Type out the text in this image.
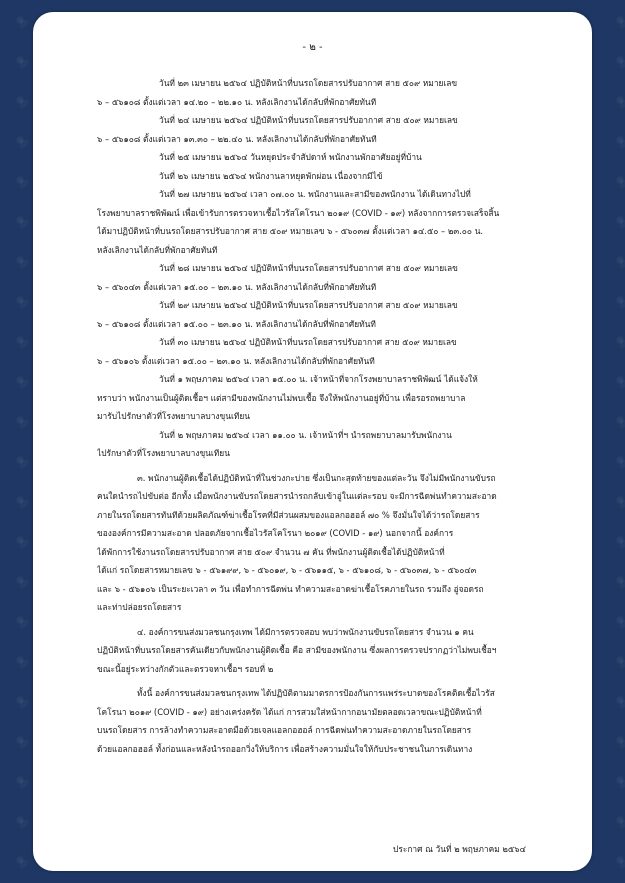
- ๒ -

วันที่ ๒๓ เมษายน ๒๕๖๔ ปฏิบัติหน้าที่บนรถโดยสารปรับอากาศ สาย ๕๐๙ หมายเลข

๖ – ๕๖๑๐๘ ตั้งแต่เวลา ๑๔.๒๐ – ๒๒.๑๐ น. หลังเลิกงานได้กลับที่พักอาศัยทันที

วันที่ ๒๔ เมษายน ๒๕๖๔ ปฏิบัติหน้าที่บนรถโดยสารปรับอากาศ สาย ๕๐๙ หมายเลข

๖ – ๕๖๑๐๘ ตั้งแต่เวลา ๑๓.๓๐ – ๒๒.๔๐ น. หลังเลิกงานได้กลับที่พักอาศัยทันที

วันที่ ๒๕ เมษายน ๒๕๖๔ วันหยุดประจำสัปดาห์ พนักงานพักอาศัยอยู่ที่บ้าน

วันที่ ๒๖ เมษายน ๒๕๖๔ พนักงานลาหยุดพักผ่อน เนื่องจากมีไข้

วันที่ ๒๗ เมษายน ๒๕๖๔ เวลา ๐๗.๐๐ น. พนักงานและสามีของพนักงาน ได้เดินทางไปที่

โรงพยาบาลราชพิพัฒน์ เพื่อเข้ารับการตรวจหาเชื้อไวรัสโคโรนา ๒๐๑๙ (COVID - ๑๙) หลังจากการตรวจเสร็จสิ้น

ได้มาปฏิบัติหน้าที่บนรถโดยสารปรับอากาศ สาย ๕๐๙ หมายเลข ๖ - ๕๖๐๓๗ ตั้งแต่เวลา ๑๔.๕๐ – ๒๓.๐๐ น.

หลังเลิกงานได้กลับที่พักอาศัยทันที

วันที่ ๒๘ เมษายน ๒๕๖๔ ปฏิบัติหน้าที่บนรถโดยสารปรับอากาศ สาย ๕๐๙ หมายเลข

๖ – ๕๖๐๔๓ ตั้งแต่เวลา ๑๕.๐๐ – ๒๓.๑๐ น. หลังเลิกงานได้กลับที่พักอาศัยทันที

วันที่ ๒๙ เมษายน ๒๕๖๔ ปฏิบัติหน้าที่บนรถโดยสารปรับอากาศ สาย ๕๐๙ หมายเลข

๖ – ๕๖๑๐๘ ตั้งแต่เวลา ๑๕.๐๐ – ๒๓.๑๐ น. หลังเลิกงานได้กลับที่พักอาศัยทันที

วันที่ ๓๐ เมษายน ๒๕๖๔ ปฏิบัติหน้าที่บนรถโดยสารปรับอากาศ สาย ๕๐๙ หมายเลข

๖ – ๕๖๑๐๖ ตั้งแต่เวลา ๑๕.๐๐ – ๒๓.๑๐ น. หลังเลิกงานได้กลับที่พักอาศัยทันที

วันที่ ๑ พฤษภาคม ๒๕๖๔ เวลา ๑๕.๐๐ น. เจ้าหน้าที่จากโรงพยาบาลราชพิพัฒน์ ได้แจ้งให้

ทราบว่า พนักงานเป็นผู้ติดเชื้อฯ แต่สามีของพนักงานไม่พบเชื้อ จึงให้พนักงานอยู่ที่บ้าน เพื่อรอรถพยาบาล

มารับไปรักษาตัวที่โรงพยาบาลบางขุนเทียน

วันที่ ๒ พฤษภาคม ๒๕๖๔ เวลา ๑๑.๐๐ น. เจ้าหน้าที่ฯ นำรถพยาบาลมารับพนักงาน

ไปรักษาตัวที่โรงพยาบาลบางขุนเทียน

๓. พนักงานผู้ติดเชื้อได้ปฏิบัติหน้าที่ในช่วงกะบ่าย ซึ่งเป็นกะสุดท้ายของแต่ละวัน จึงไม่มีพนักงานขับรถ

คนใดนำรถไปขับต่อ อีกทั้ง เมื่อพนักงานขับรถโดยสารนำรถกลับเข้าอู่ในแต่ละรอบ จะมีการฉีดพ่นทำความสะอาด

ภายในรถโดยสารทันทีด้วยผลิตภัณฑ์ฆ่าเชื้อโรคที่มีส่วนผสมของแอลกอฮอล์ ๗๐ % จึงมั่นใจได้ว่ารถโดยสาร

ขององค์การมีความสะอาด ปลอดภัยจากเชื้อไวรัสโคโรนา ๒๐๑๙ (COVID - ๑๙) นอกจากนี้ องค์การ

ได้พักการใช้งานรถโดยสารปรับอากาศ สาย ๕๐๙ จำนวน ๗ คัน ที่พนักงานผู้ติดเชื้อได้ปฏิบัติหน้าที่

ได้แก่ รถโดยสารหมายเลข ๖ - ๕๖๑๙๙, ๖ - ๕๖๐๑๙, ๖ - ๕๖๑๑๕, ๖ - ๕๖๑๐๘, ๖ - ๕๖๐๓๗, ๖ - ๕๖๐๔๓

และ ๖ - ๕๖๑๐๖ เป็นระยะเวลา ๓ วัน เพื่อทำการฉีดพ่น ทำความสะอาดฆ่าเชื้อโรคภายในรถ รวมถึง อู่จอดรถ

และท่าปล่อยรถโดยสาร

๔. องค์การขนส่งมวลชนกรุงเทพ ได้มีการตรวจสอบ พบว่าพนักงานขับรถโดยสาร จำนวน ๑ คน

ปฏิบัติหน้าที่บนรถโดยสารคันเดียวกับพนักงานผู้ติดเชื้อ คือ สามีของพนักงาน ซึ่งผลการตรวจปรากฏว่าไม่พบเชื้อฯ

ขณะนี้อยู่ระหว่างกักตัวและตรวจหาเชื้อฯ รอบที่ ๒

ทั้งนี้ องค์การขนส่งมวลชนกรุงเทพ ได้ปฏิบัติตามมาตรการป้องกันการแพร่ระบาดของโรคติดเชื้อไวรัส

โคโรนา ๒๐๑๙ (COVID - ๑๙) อย่างเคร่งครัด ได้แก่ การสวมใส่หน้ากากอนามัยตลอดเวลาขณะปฏิบัติหน้าที่

บนรถโดยสาร การล้างทำความสะอาดมือด้วยเจลแอลกอฮอล์ การฉีดพ่นทำความสะอาดภายในรถโดยสาร

ด้วยแอลกอฮอล์ ทั้งก่อนและหลังนำรถออกวิ่งให้บริการ เพื่อสร้างความมั่นใจให้กับประชาชนในการเดินทาง

ประกาศ ณ วันที่ ๒ พฤษภาคม ๒๕๖๔
